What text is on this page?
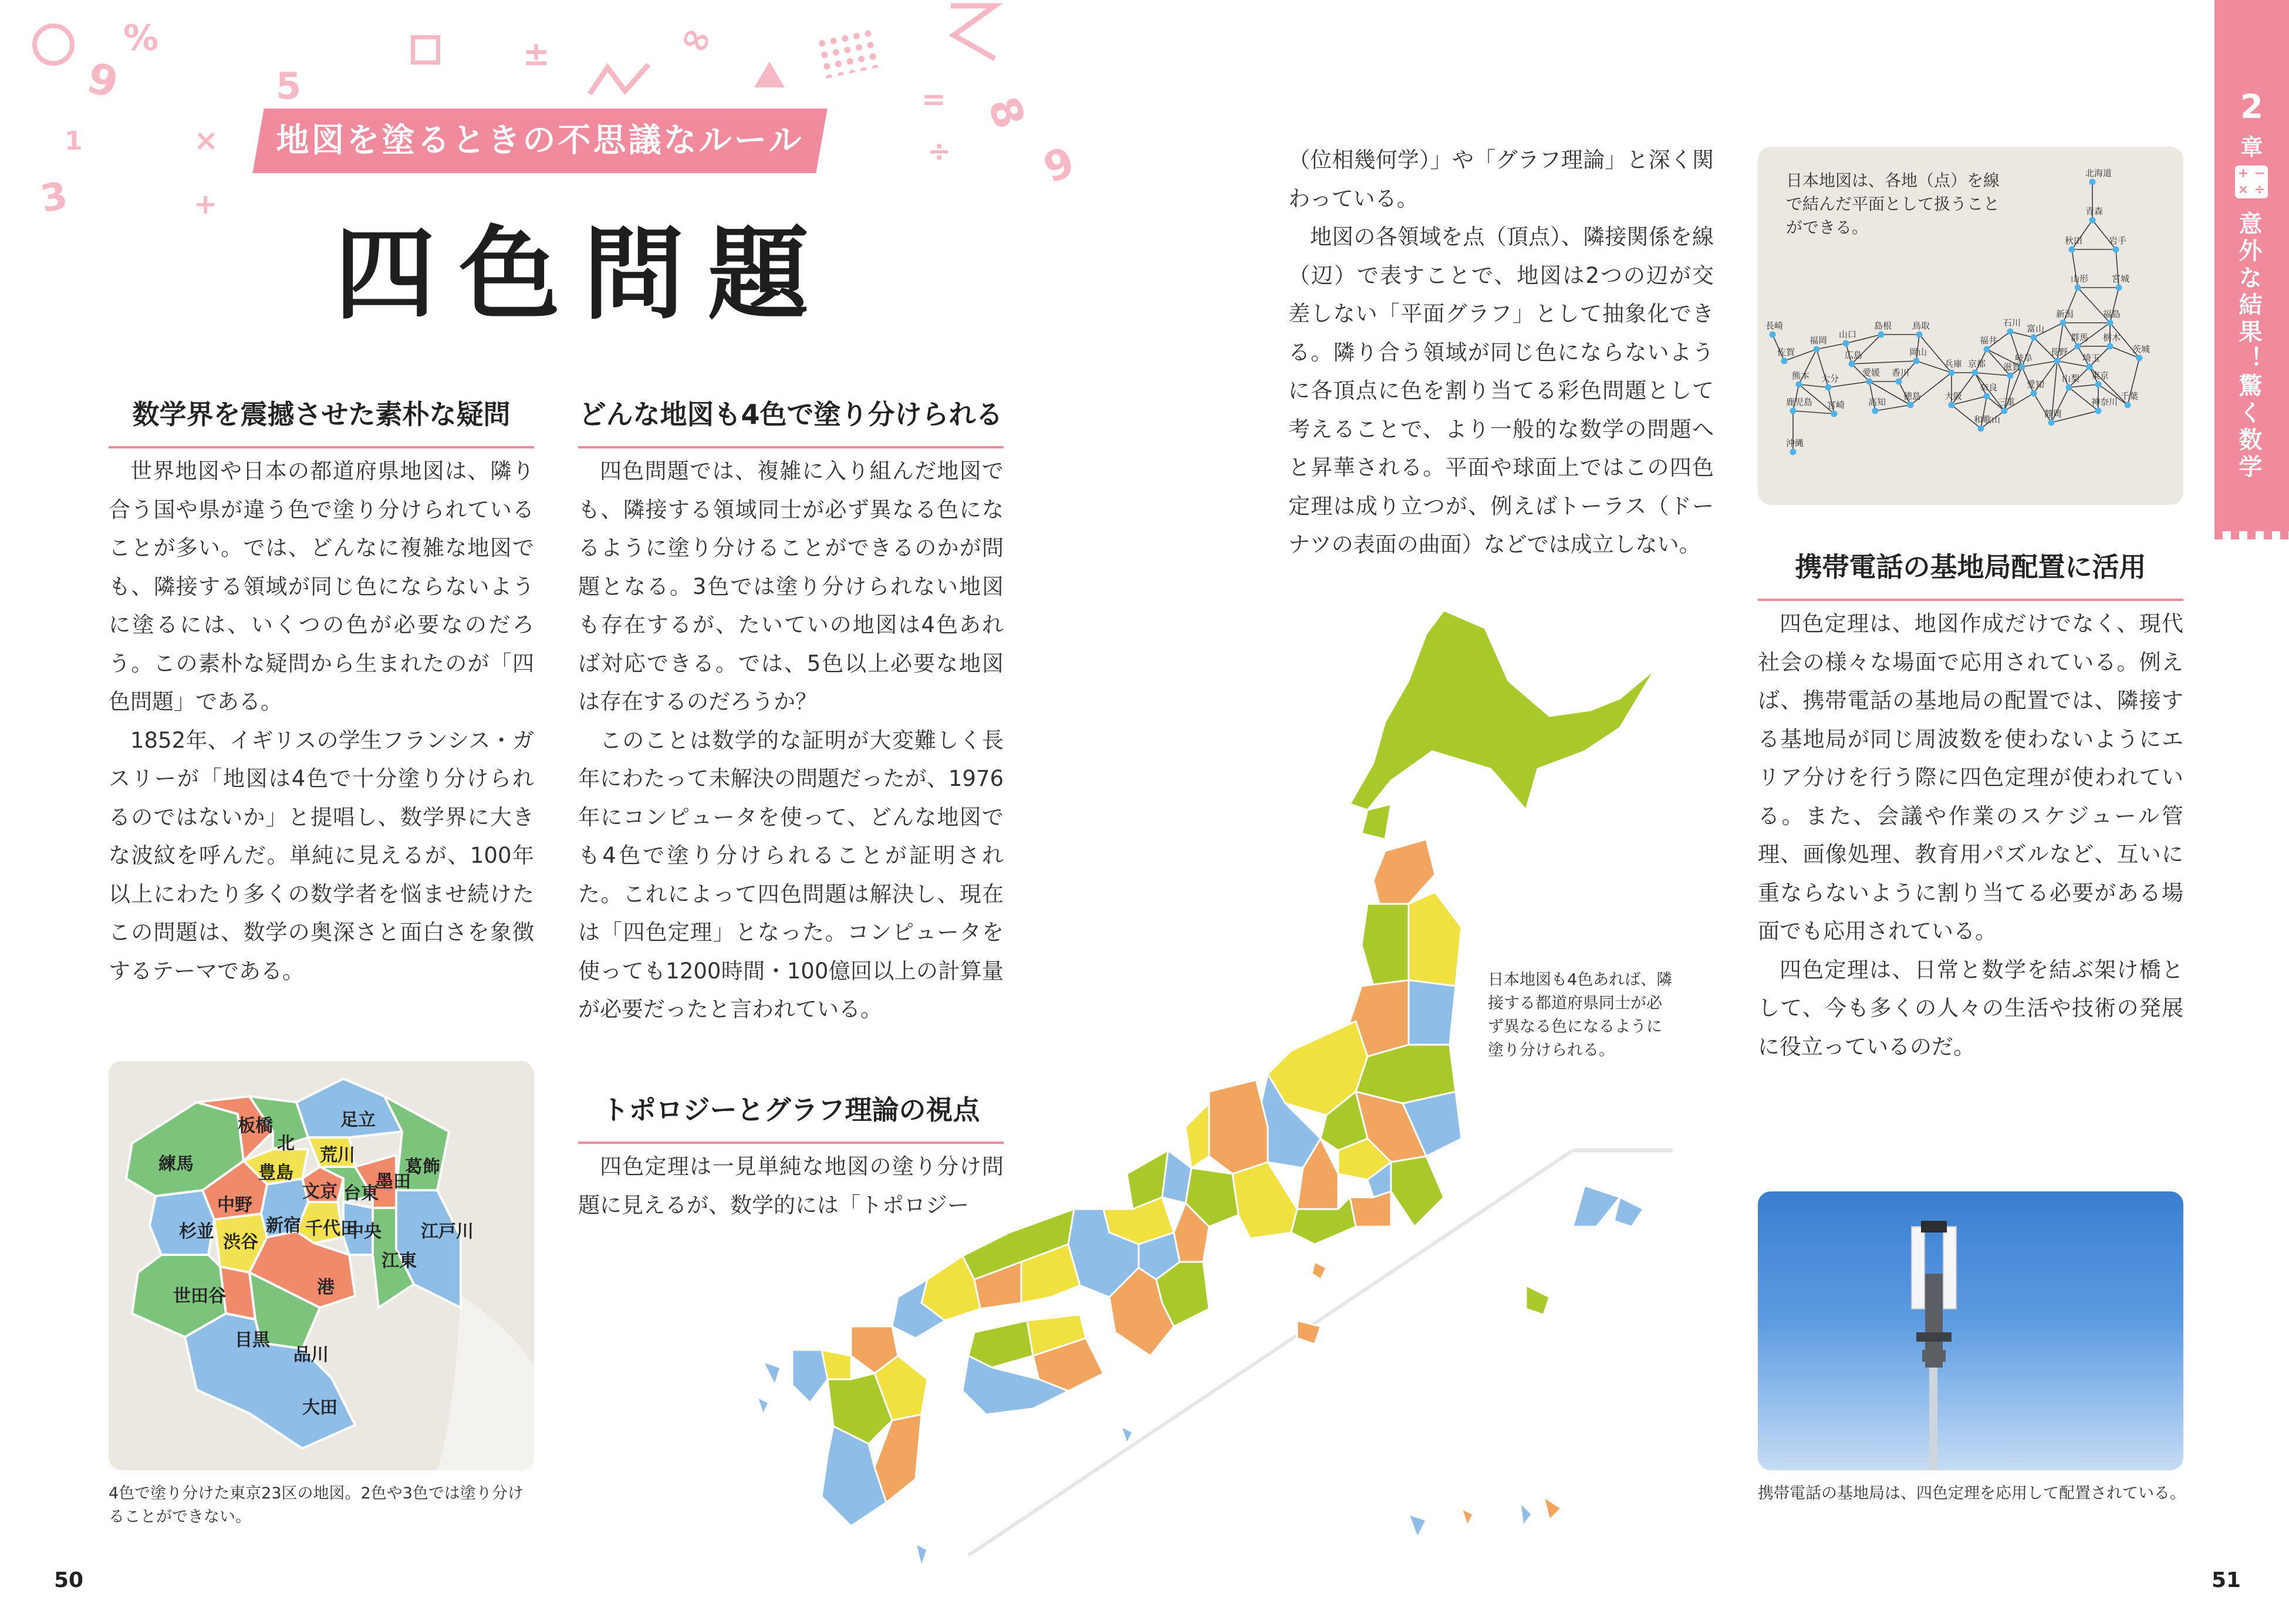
9
%
5
3
1	×
+
±	∞
8
9
=
÷
地図を塗るときの不思議なルール
四色問題
数学界を震撼させた素朴な疑問

世界地図や日本の都道府県地図は、隣り合う国や県が違う色で塗り分けられていることが多い。では、どんなに複雑な地図でも、隣接する領域が同じ色にならないように塗るには、いくつの色が必要なのだろう。この素朴な疑問から生まれたのが「四色問題」である。

1852年、イギリスの学生フランシス・ガスリーが「地図は4色で十分塗り分けられるのではないか」と提唱し、数学界に大きな波紋を呼んだ。単純に見えるが、100年以上にわたり多くの数学者を悩ませ続けたこの問題は、数学の奥深さと面白さを象徴するテーマである。

どんな地図も4色で塗り分けられる

四色問題では、複雑に入り組んだ地図でも、隣接する領域同士が必ず異なる色になるように塗り分けることができるのかが問題となる。3色では塗り分けられない地図も存在するが、たいていの地図は4色あれば対応できる。では、5色以上必要な地図は存在するのだろうか？

このことは数学的な証明が大変難しく長年にわたって未解決の問題だったが、1976年にコンピュータを使って、どんな地図でも4色で塗り分けられることが証明された。これによって四色問題は解決し、現在は「四色定理」となった。コンピュータを使っても1200時間・100億回以上の計算量が必要だったと言われている。

トポロジーとグラフ理論の視点

四色定理は一見単純な地図の塗り分け問題に見えるが、数学的には「トポロジー

（位相幾何学）」や「グラフ理論」と深く関わっている。

地図の各領域を点（頂点）、隣接関係を線（辺）で表すことで、地図は2つの辺が交差しない「平面グラフ」として抽象化できる。隣り合う領域が同じ色にならないように各頂点に色を割り当てる彩色問題として考えることで、より一般的な数学の問題へと昇華される。平面や球面上ではこの四色定理は成り立つが、例えばトーラス（ドーナツの表面の曲面）などでは成立しない。

携帯電話の基地局配置に活用

四色定理は、地図作成だけでなく、現代社会の様々な場面で応用されている。例えば、携帯電話の基地局の配置では、隣接する基地局が同じ周波数を使わないようにエリア分けを行う際に四色定理が使われている。また、会議や作業のスケジュール管理、画像処理、教育用パズルなど、互いに重ならないように割り当てる必要がある場面でも応用されている。

四色定理は、日常と数学を結ぶ架け橋として、今も多くの人々の生活や技術の発展に役立っているのだ。

練馬
板橋
北
足立
葛飾
荒川
豊島
文京 台東
墨田
中野
杉並	新宿 千代田
中央 江戸川
渋谷
港
江東
世田谷
目黒
品川
大田
4色で塗り分けた東京23区の地図。2色や3色では塗り分けることができない。
日本地図も4色あれば、隣接する都道府県同士が必ず異なる色になるように塗り分けられる。
日本地図は、各地（点）を線で結んだ平面として扱うことができる。
北海道
青森
秋田	岩手
山形	宮城
新潟	福島
長崎
福岡
山口
島根 鳥取	石川
富山
群馬 栃木
茨城
佐賀
熊本
広島	岡山
兵庫
福井
長野
埼玉
大分
愛媛 香川
京都
岐阜
山梨 東京
鹿児島 宮崎	高知
徳島	大阪
奈良
滋賀
愛知
静岡
神奈川
千葉
三重
和歌山
沖縄
携帯電話の基地局は、四色定理を応用して配置されている。
2
章
+ −
× ÷
意外な結果！驚く数学
50	51
